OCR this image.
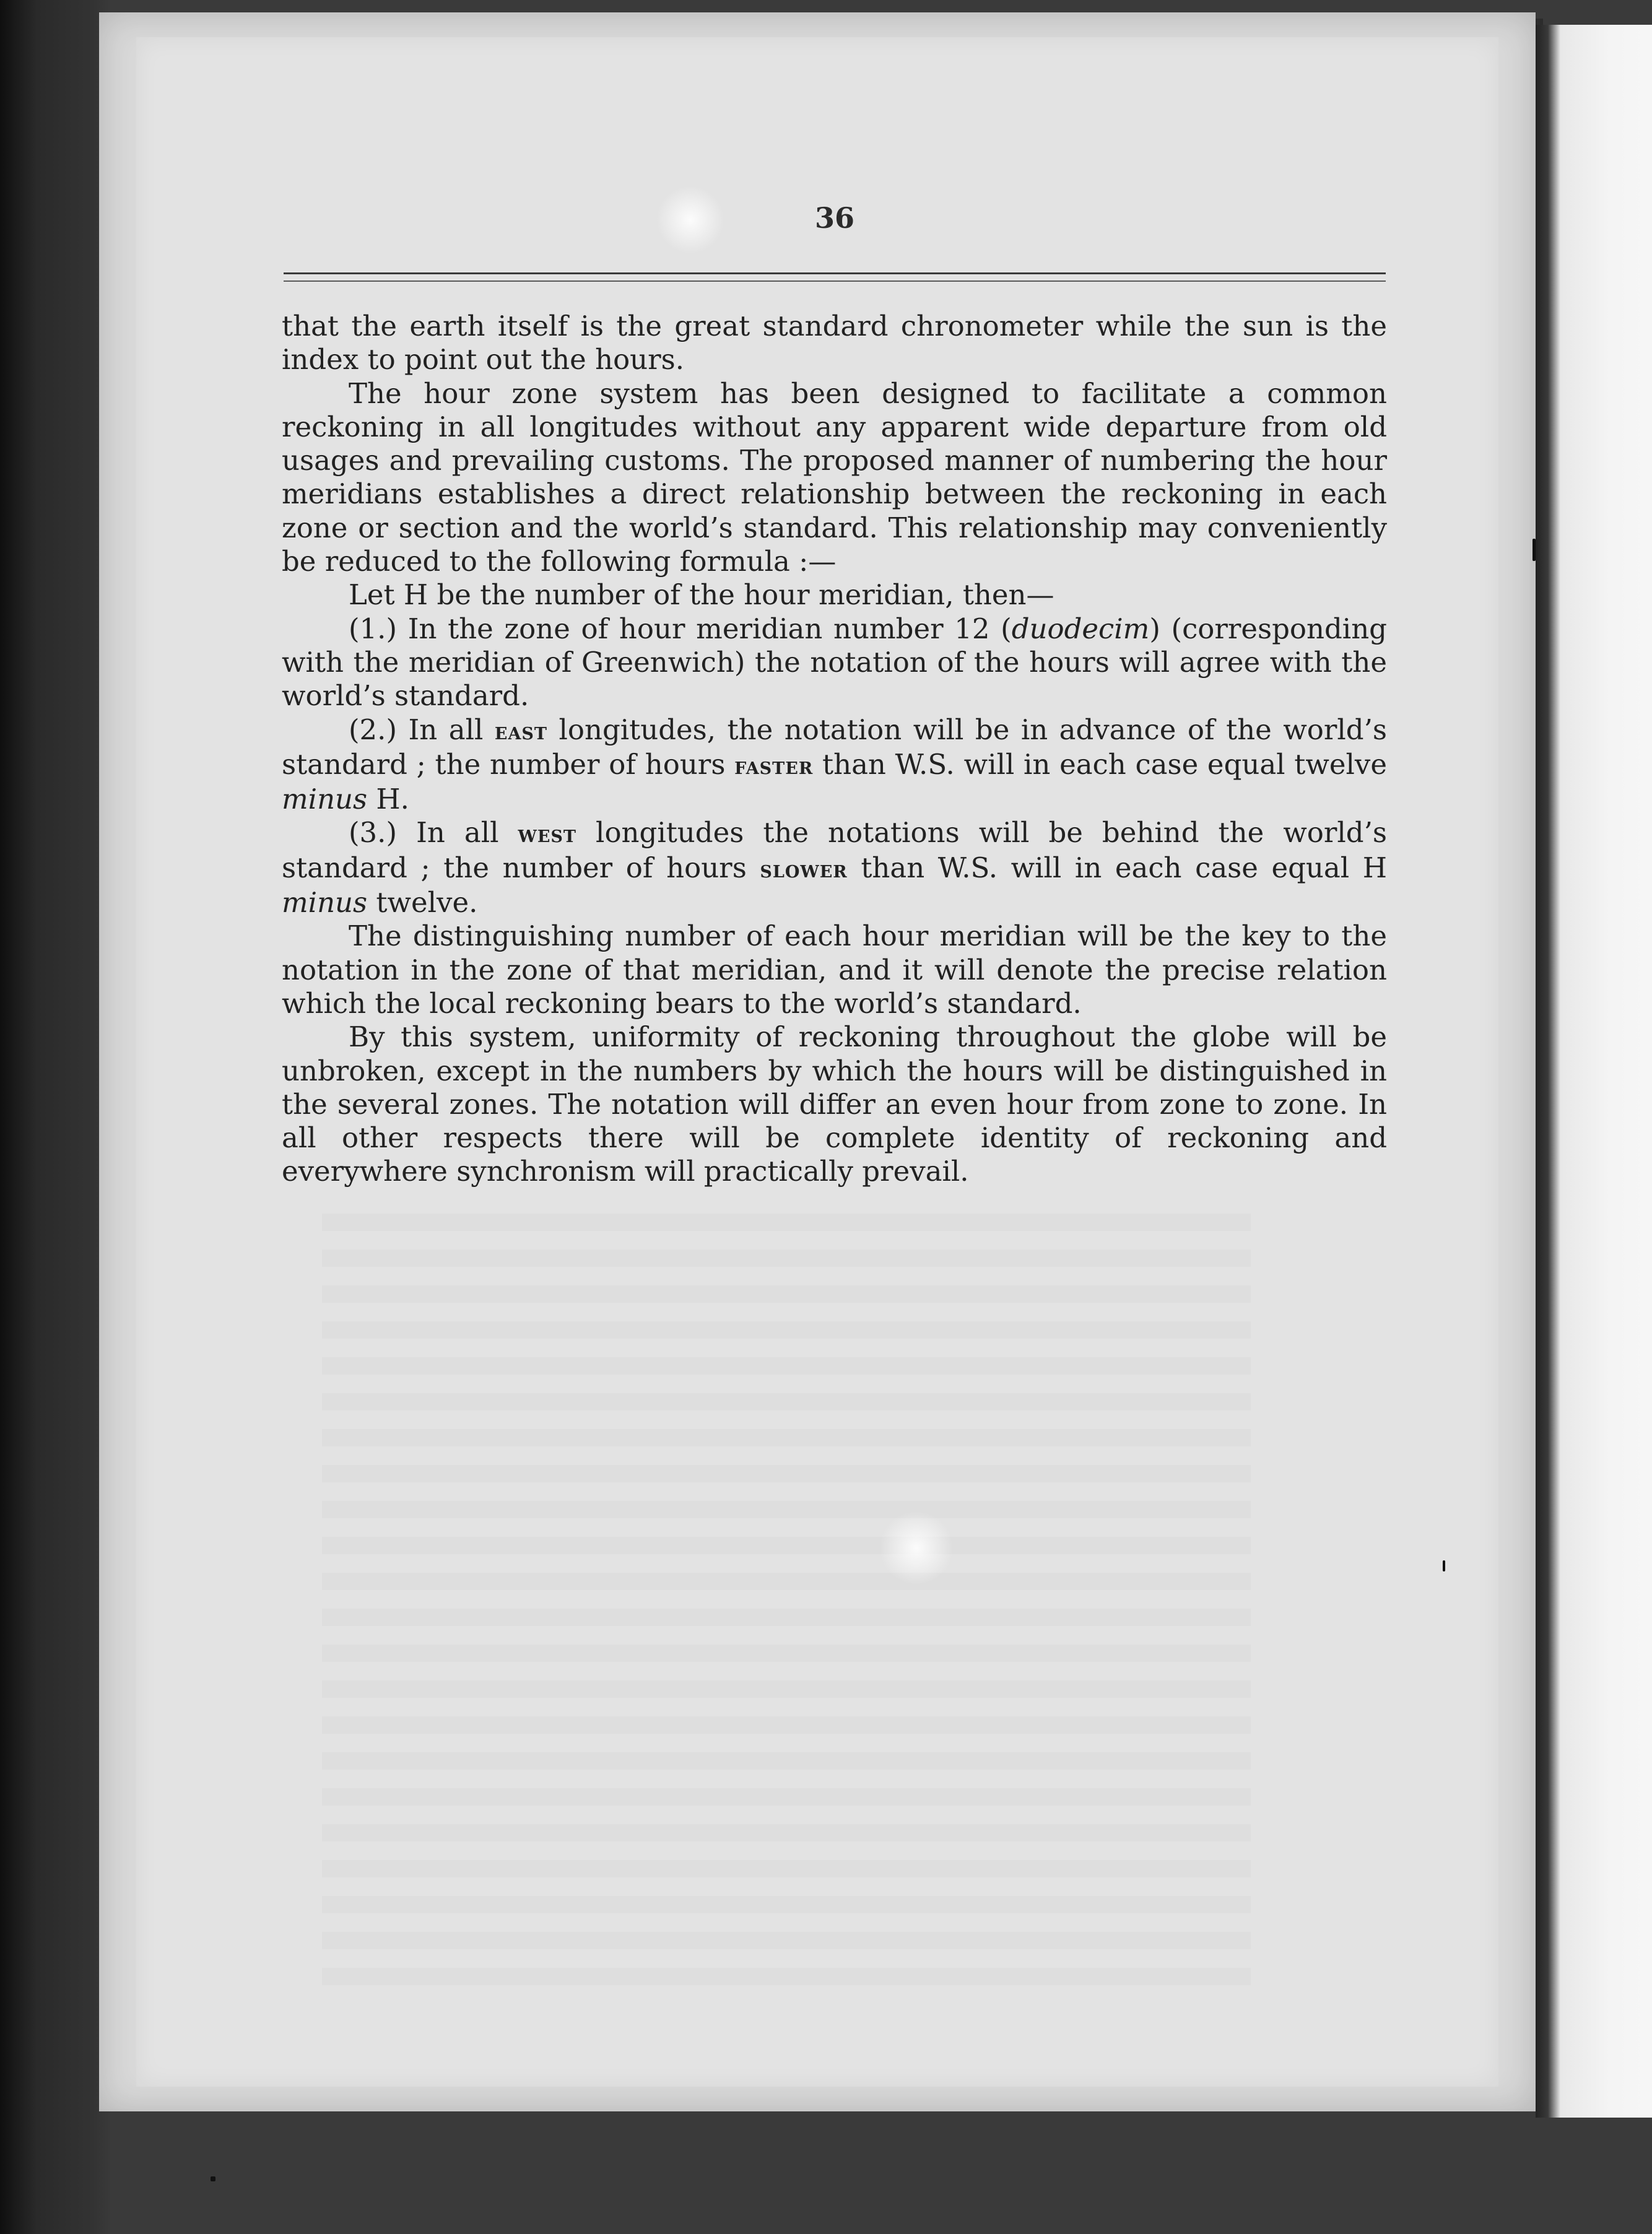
36

that the earth itself is the great standard chronometer while the sun is the index to point out the hours.

The hour zone system has been designed to facilitate a common reckoning in all longitudes without any apparent wide departure from old usages and prevailing customs. The proposed manner of numbering the hour meridians establishes a direct relationship between the reckoning in each zone or section and the world’s standard. This relationship may conveniently be reduced to the following formula :—

Let H be the number of the hour meridian, then—

(1.) In the zone of hour meridian number 12 (duodecim) (corresponding with the meridian of Greenwich) the notation of the hours will agree with the world’s standard.

(2.) In all east longitudes, the notation will be in advance of the world’s standard ; the number of hours faster than W.S. will in each case equal twelve minus H.

(3.) In all west longitudes the notations will be behind the world’s standard ; the number of hours slower than W.S. will in each case equal H minus twelve.

The distinguishing number of each hour meridian will be the key to the notation in the zone of that meridian, and it will denote the precise relation which the local reckoning bears to the world’s standard.

By this system, uniformity of reckoning throughout the globe will be unbroken, except in the numbers by which the hours will be distinguished in the several zones. The notation will differ an even hour from zone to zone. In all other respects there will be complete identity of reckoning and everywhere synchronism will practically prevail.
